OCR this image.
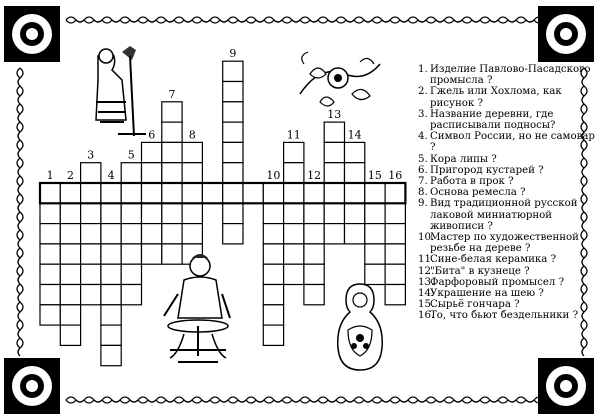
1 2
3
4
5
6
7
8
9
10
11
12
13
14
15 16
1. Изделие Павлово-Пасадского промысла ?
2. Гжель или Хохлома, как рисунок ?
3. Название деревни, где расписывали подносы?
4. Символ России, но не самовар ?
5. Кора липы ?
6. Пригород кустарей ?
7. Работа в прок ?
8. Основа ремесла ?
9. Вид традиционной русской лаковой миниатюрной живописи ?
10.
Мастер по художественной резьбе на дереве ?
11.
Сине-белая керамика ?
12.
"Бита" в кузнеце ?
13.
Фарфоровый промысел ?
14.
Украшение на шею ?
15.
Сырьё гончара ?
16.
То, что бьют бездельники ?
